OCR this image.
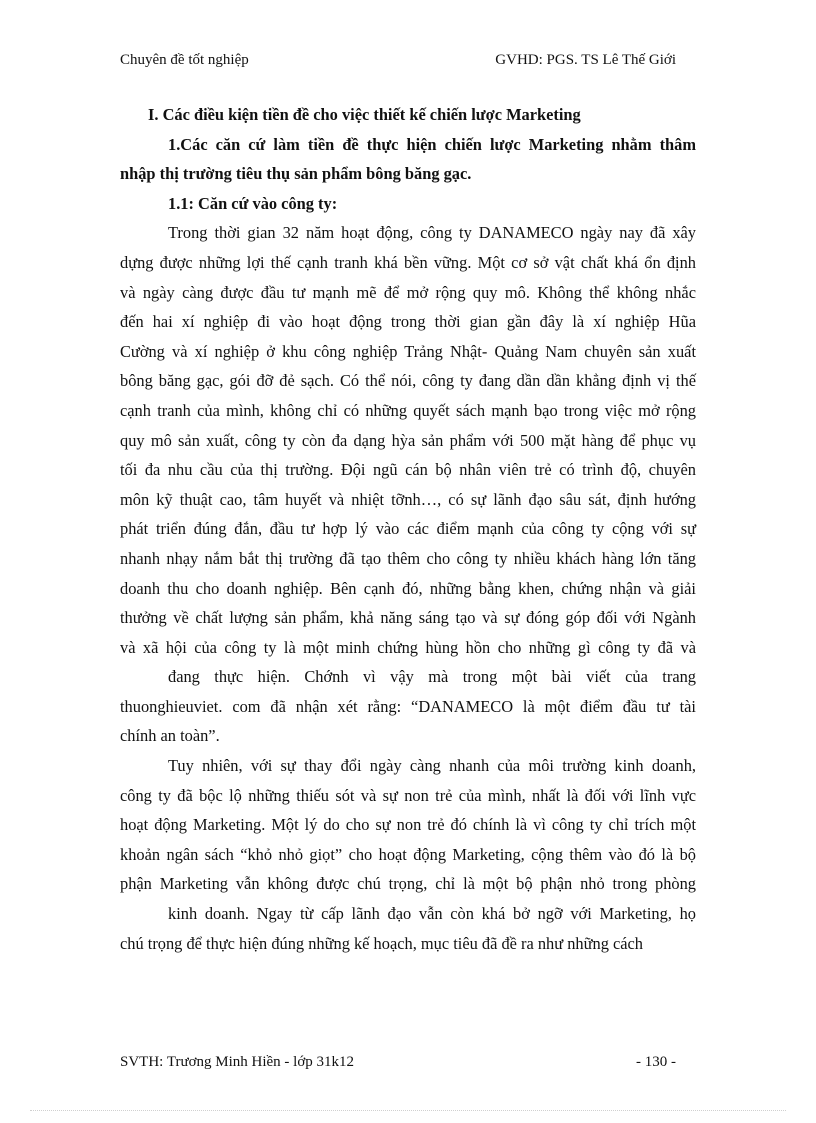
Chuyên đề tốt nghiệp	GVHD: PGS. TS Lê Thế Giới
I. Các điều kiện tiền đề cho việc thiết kế chiến lược Marketing
1.Các căn cứ làm tiền đề thực hiện chiến lược Marketing nhằm thâm
nhập thị trường tiêu thụ sản phẩm bông băng gạc.
1.1: Căn cứ vào công ty:
Trong thời gian 32 năm hoạt động, công ty DANAMECO ngày nay đã xây
dựng được những lợi thế cạnh tranh khá bền vững. Một cơ sở vật chất khá ổn định
và ngày càng được đầu tư mạnh mẽ để mở rộng quy mô. Không thể không nhắc
đến hai xí nghiệp đi vào hoạt động trong thời gian gần đây là xí nghiệp Hũa
Cường và xí nghiệp ở khu công nghiệp Trảng Nhật- Quảng Nam chuyên sản xuất
bông băng gạc, gói đỡ đẻ sạch. Có thể nói, công ty đang dần dần khẳng định vị thế
cạnh tranh của mình, không chỉ có những quyết sách mạnh bạo trong việc mở rộng
quy mô sản xuất, công ty còn đa dạng hỳa sản phẩm với 500 mặt hàng để phục vụ
tối đa nhu cầu của thị trường. Đội ngũ cán bộ nhân viên trẻ có trình độ, chuyên
môn kỹ thuật cao, tâm huyết và nhiệt tỡnh…, có sự lãnh đạo sâu sát, định hướng
phát triển đúng đắn, đầu tư hợp lý vào các điểm mạnh của công ty cộng với sự
nhanh nhạy nắm bắt thị trường đã tạo thêm cho công ty nhiều khách hàng lớn tăng
doanh thu cho doanh nghiệp. Bên cạnh đó, những bằng khen, chứng nhận và giải
thưởng về chất lượng sản phẩm, khả năng sáng tạo và sự đóng góp đối với Ngành
và xã hội của công ty là một minh chứng hùng hồn cho những gì công ty đã và
đang thực hiện. Chớnh vì vậy mà trong một bài viết của trang
thuonghieuviet. com đã nhận xét rằng: “DANAMECO là một điểm đầu tư tài
chính an toàn”.
Tuy nhiên, với sự thay đổi ngày càng nhanh của môi trường kinh doanh,
công ty đã bộc lộ những thiếu sót và sự non trẻ của mình, nhất là đối với lĩnh vực
hoạt động Marketing. Một lý do cho sự non trẻ đó chính là vì công ty chỉ trích một
khoản ngân sách “khỏ nhỏ giọt” cho hoạt động Marketing, cộng thêm vào đó là bộ
phận Marketing vẫn không được chú trọng, chỉ là một bộ phận nhỏ trong phòng
kinh doanh. Ngay từ cấp lãnh đạo vẫn còn khá bở ngỡ với Marketing, họ
chú trọng để thực hiện đúng những kế hoạch, mục tiêu đã đề ra như những cách
SVTH: Trương Minh Hiền - lớp 31k12	- 130 -
